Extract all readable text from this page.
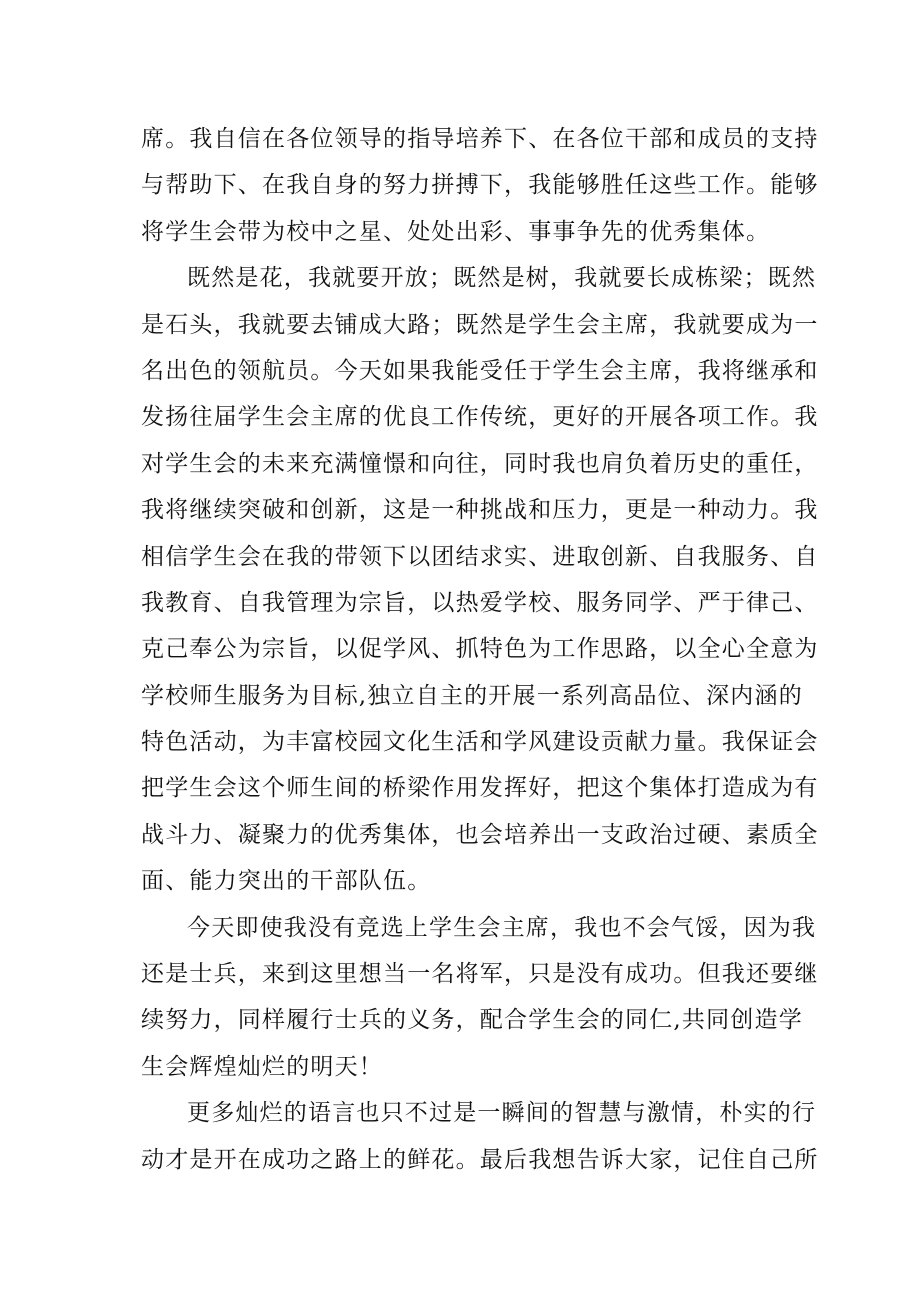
席。我自信在各位领导的指导培养下、在各位干部和成员的支持
与帮助下、在我自身的努力拼搏下，我能够胜任这些工作。能够
将学生会带为校中之星、处处出彩、事事争先的优秀集体。
既然是花，我就要开放；既然是树，我就要长成栋梁；既然
是石头，我就要去铺成大路；既然是学生会主席，我就要成为一
名出色的领航员。今天如果我能受任于学生会主席，我将继承和
发扬往届学生会主席的优良工作传统，更好的开展各项工作。我
对学生会的未来充满憧憬和向往，同时我也肩负着历史的重任，
我将继续突破和创新，这是一种挑战和压力，更是一种动力。我
相信学生会在我的带领下以团结求实、进取创新、自我服务、自
我教育、自我管理为宗旨，以热爱学校、服务同学、严于律己、
克己奉公为宗旨，以促学风、抓特色为工作思路，以全心全意为
学校师生服务为目标,独立自主的开展一系列高品位、深内涵的
特色活动，为丰富校园文化生活和学风建设贡献力量。我保证会
把学生会这个师生间的桥梁作用发挥好，把这个集体打造成为有
战斗力、凝聚力的优秀集体，也会培养出一支政治过硬、素质全
面、能力突出的干部队伍。
今天即使我没有竞选上学生会主席，我也不会气馁，因为我
还是士兵，来到这里想当一名将军，只是没有成功。但我还要继
续努力，同样履行士兵的义务，配合学生会的同仁,共同创造学
生会辉煌灿烂的明天！
更多灿烂的语言也只不过是一瞬间的智慧与激情，朴实的行
动才是开在成功之路上的鲜花。最后我想告诉大家，记住自己所
